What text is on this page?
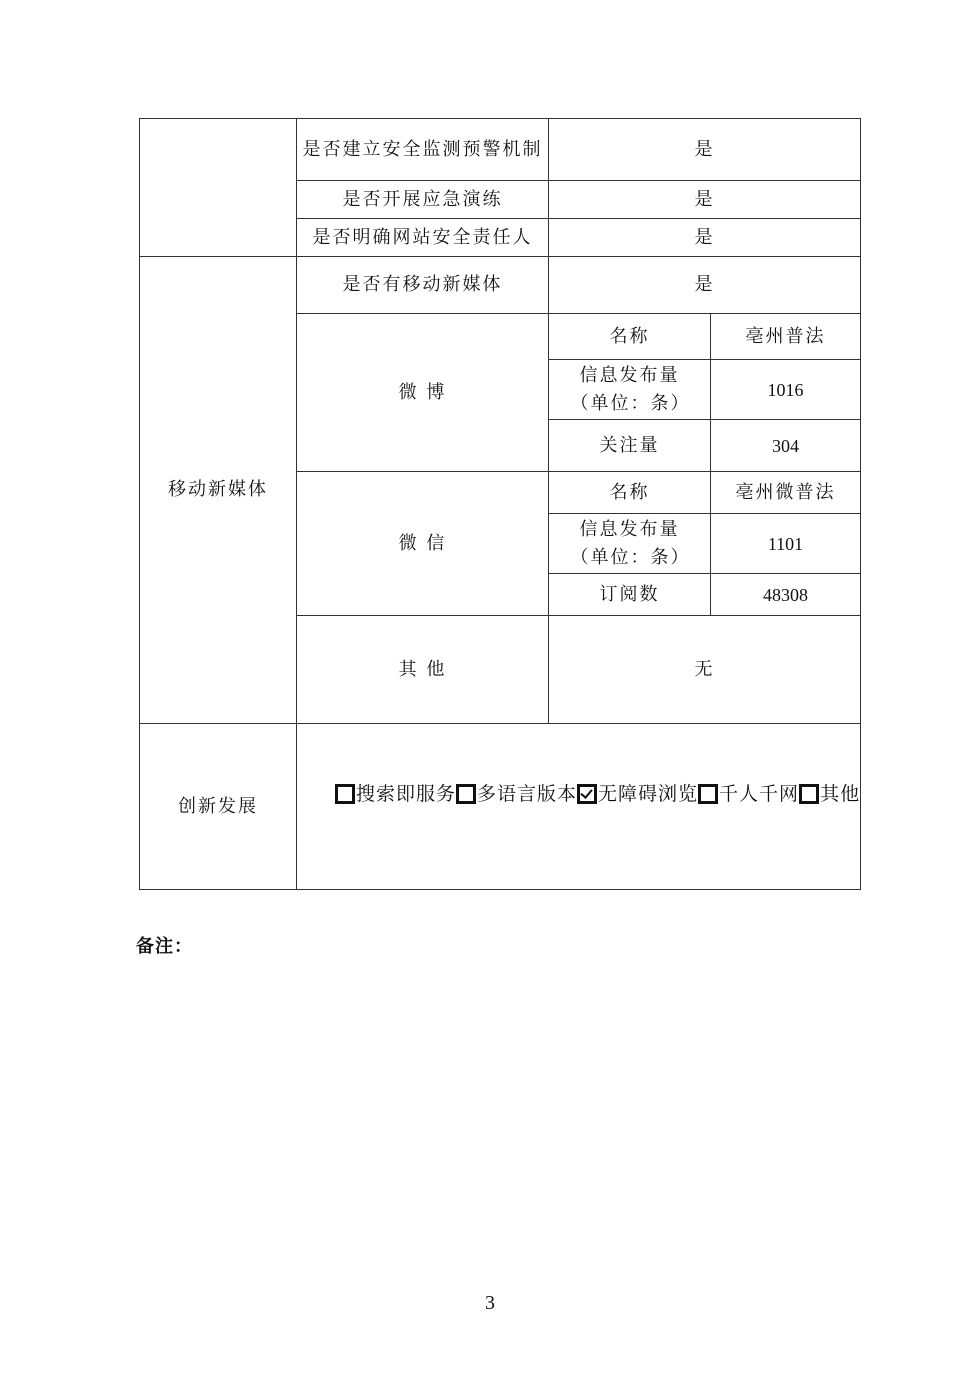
	是否建立安全监测预警机制	是	
	是否开展应急演练	是	
	是否明确网站安全责任人	是	
移动新媒体	是否有移动新媒体	是	
	微 博	名称	亳州普法

		信息发布量（单位：条）	1016
		关注量	304
	微 信	名称	亳州微普法

		信息发布量（单位：条）	1101
		订阅数	48308
	其 他	无	
创新发展	搜索即服务 多语言版本 无障碍浏览 千人千网 其他		
备注：
3
